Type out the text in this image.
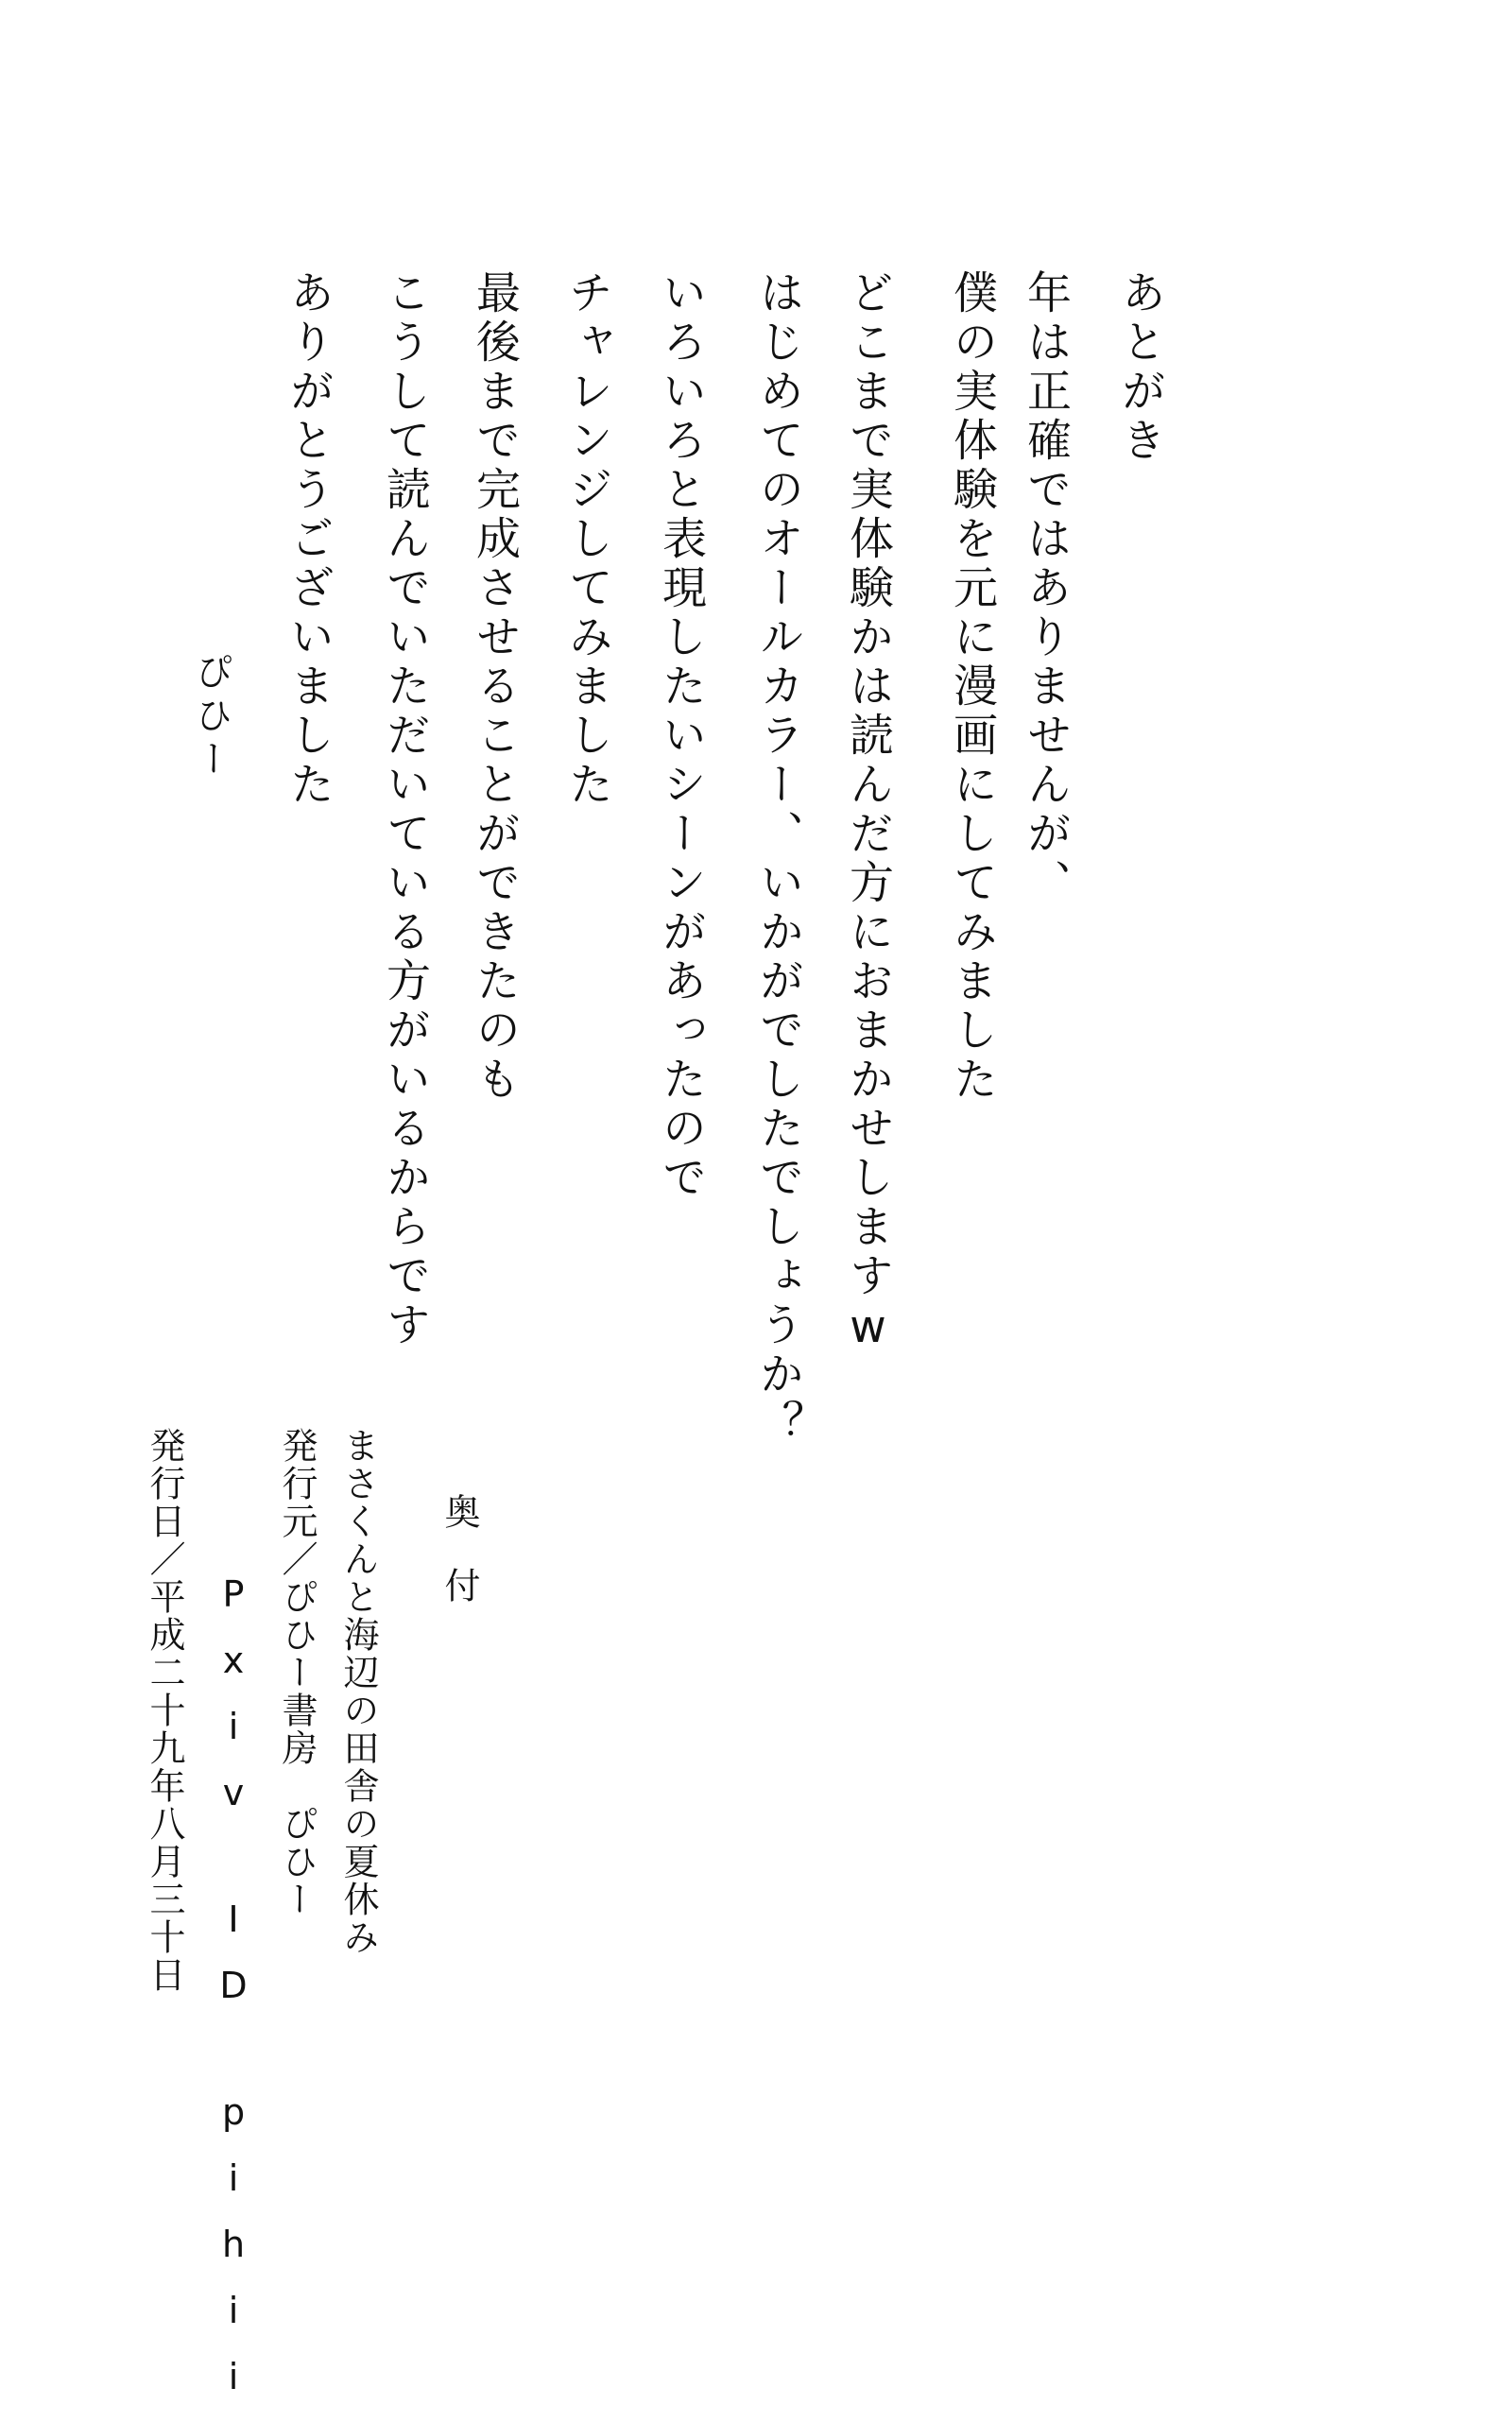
あとがき
年は正確ではありませんが、
僕の実体験を元に漫画にしてみました
どこまで実体験かは読んだ方におまかせしますw
はじめてのオールカラー、いかがでしたでしょうか？
いろいろと表現したいシーンがあったので
チャレンジしてみました
最後まで完成させることができたのも
こうして読んでいただいている方がいるからです
ありがとうございました
ぴひー
奥付
まさくんと海辺の田舎の夏休み
発行元／ぴひー書房　ぴひー
Pxiv　ID　pihii
発行日／平成二十九年八月三十日
